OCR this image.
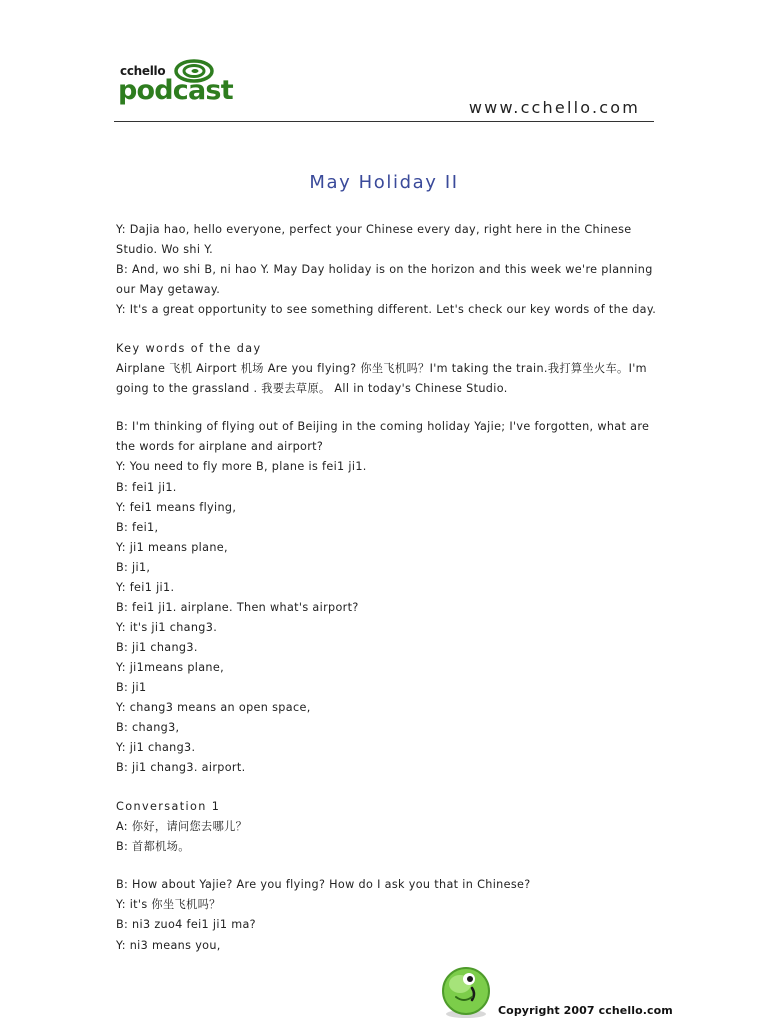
cchello
podcast
www.cchello.com
May Holiday II

Y: Dajia hao, hello everyone, perfect your Chinese every day, right here in the Chinese Studio. Wo shi Y.

B: And, wo shi B, ni hao Y. May Day holiday is on the horizon and this week we're planning our May getaway.

Y: It's a great opportunity to see something different. Let's check our key words of the day.

Key words of the day

Airplane 飞机 Airport 机场 Are you flying? 你坐飞机吗？I'm taking the train.我打算坐火车。I'm going to the grassland . 我要去草原。 All in today's Chinese Studio.

B: I'm thinking of flying out of Beijing in the coming holiday Yajie; I've forgotten, what are the words for airplane and airport?

Y: You need to fly more B, plane is fei1 ji1.

B: fei1 ji1.

Y: fei1 means flying,

B: fei1,

Y: ji1 means plane,

B: ji1,

Y: fei1 ji1.

B: fei1 ji1. airplane. Then what's airport?

Y: it's ji1 chang3.

B: ji1 chang3.

Y: ji1means plane,

B: ji1

Y: chang3 means an open space,

B: chang3,

Y: ji1 chang3.

B: ji1 chang3. airport.

Conversation 1

A: 你好，请问您去哪儿？

B: 首都机场。

B: How about Yajie? Are you flying? How do I ask you that in Chinese?

Y: it's 你坐飞机吗？

B: ni3 zuo4 fei1 ji1 ma?

Y: ni3 means you,

Copyright 2007 cchello.com
